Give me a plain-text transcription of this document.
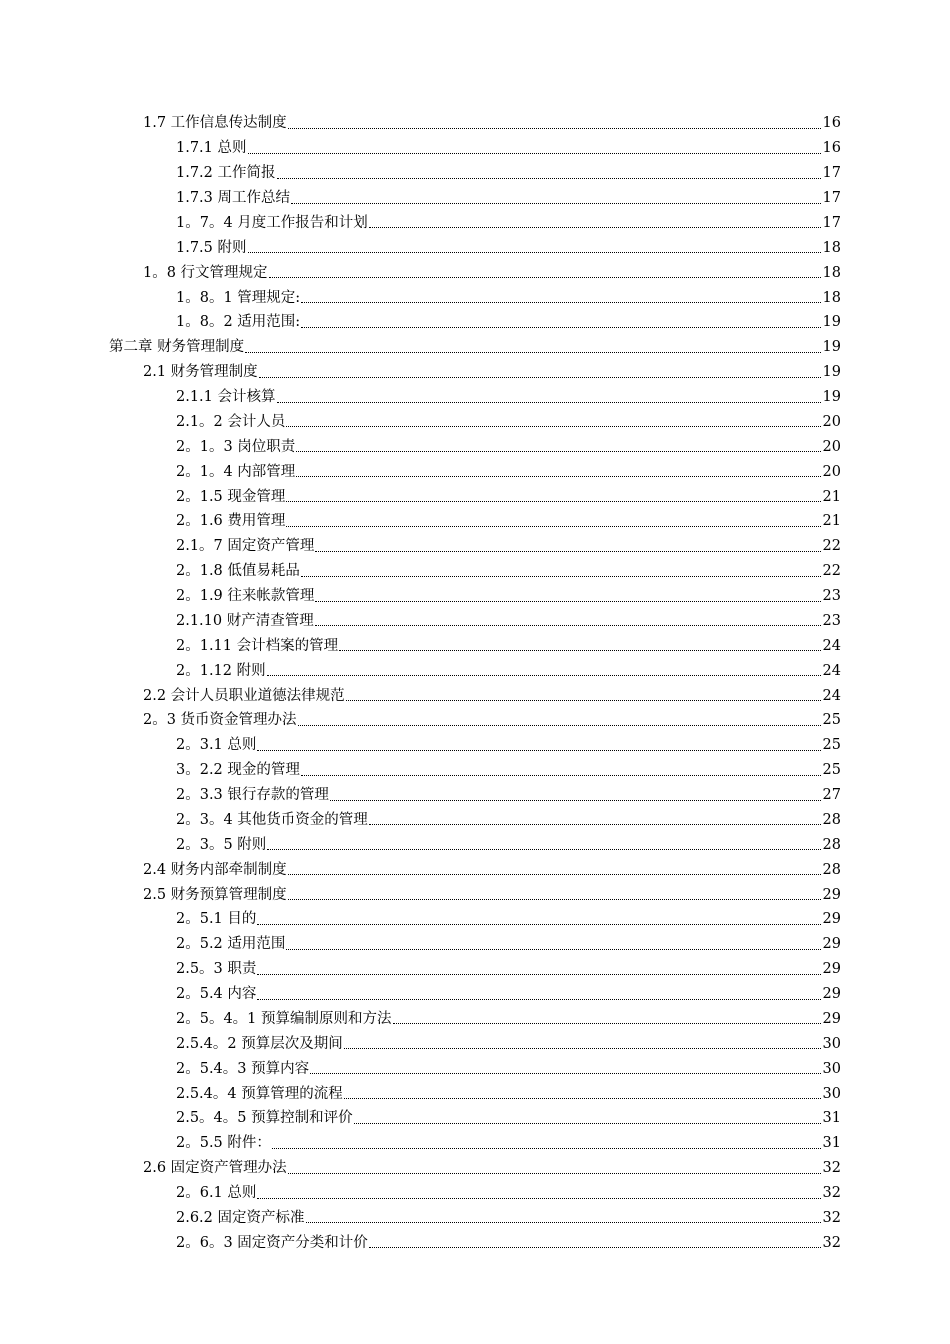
1.7 工作信息传达制度	16
1.7.1 总则	16
1.7.2 工作简报	17
1.7.3 周工作总结	17
1。7。4 月度工作报告和计划	17
1.7.5 附则	18
1。8 行文管理规定	18
1。8。1 管理规定:	18
1。8。2 适用范围:	19
第二章 财务管理制度	19
2.1 财务管理制度	19
2.1.1 会计核算	19
2.1。2 会计人员	20
2。1。3 岗位职责	20
2。1。4 内部管理	20
2。1.5 现金管理	21
2。1.6 费用管理	21
2.1。7 固定资产管理	22
2。1.8 低值易耗品	22
2。1.9 往来帐款管理	23
2.1.10 财产清查管理	23
2。1.11 会计档案的管理	24
2。1.12 附则	24
2.2 会计人员职业道德法律规范	24
2。3 货币资金管理办法	25
2。3.1 总则	25
3。2.2 现金的管理	25
2。3.3 银行存款的管理	27
2。3。4 其他货币资金的管理	28
2。3。5 附则	28
2.4 财务内部牵制制度	28
2.5 财务预算管理制度	29
2。5.1 目的	29
2。5.2 适用范围	29
2.5。3 职责	29
2。5.4 内容	29
2。5。4。1 预算编制原则和方法	29
2.5.4。2 预算层次及期间	30
2。5.4。3 预算内容	30
2.5.4。4 预算管理的流程	30
2.5。4。5 预算控制和评价	31
2。5.5 附件：	31
2.6 固定资产管理办法	32
2。6.1 总则	32
2.6.2 固定资产标准	32
2。6。3 固定资产分类和计价	32
